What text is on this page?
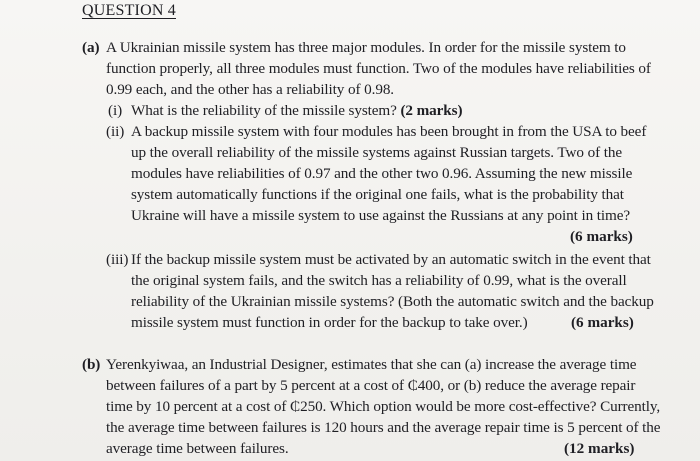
QUESTION 4
(a) A Ukrainian missile system has three major modules. In order for the missile system to
function properly, all three modules must function. Two of the modules have reliabilities of
0.99 each, and the other has a reliability of 0.98.
(i) What is the reliability of the missile system? (2 marks)
(ii) A backup missile system with four modules has been brought in from the USA to beef
up the overall reliability of the missile systems against Russian targets. Two of the
modules have reliabilities of 0.97 and the other two 0.96. Assuming the new missile
system automatically functions if the original one fails, what is the probability that
Ukraine will have a missile system to use against the Russians at any point in time?
(6 marks)
(iii) If the backup missile system must be activated by an automatic switch in the event that
the original system fails, and the switch has a reliability of 0.99, what is the overall
reliability of the Ukrainian missile systems? (Both the automatic switch and the backup
missile system must function in order for the backup to take over.)	(6 marks)
(b) Yerenkyiwaa, an Industrial Designer, estimates that she can (a) increase the average time
between failures of a part by 5 percent at a cost of ₵400, or (b) reduce the average repair
time by 10 percent at a cost of ₵250. Which option would be more cost-effective? Currently,
the average time between failures is 120 hours and the average repair time is 5 percent of the
average time between failures.	(12 marks)
